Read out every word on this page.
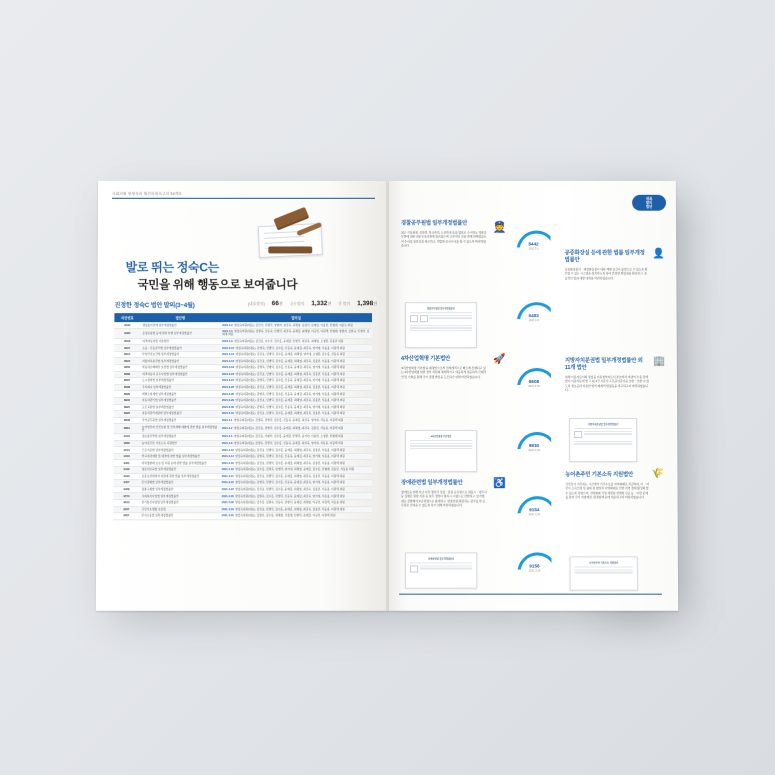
국회의원 양정숙의 월간의정보고서 54개호
발로 뛰는 정숙C는
국민을 위해 행동으로 보여줍니다
진정한 정숙C 법안 발의(3~4월)	[대표발의] 66건 공동발의 1,332건 총 발의 1,398건
의안번호	법안명	발의일
8442	생필용이전에 일부개정법률안	2021.3.2  양정숙의원(대표), 김민기, 민병덕, 양향자, 최강욱, 최혜영, 홍정민, 문제일, 이용빈, 민형배, 이용우 의원
8483	공정유통업 등에 관한 특별 일부개정법률안	2021.3.5  양정숙의원(대표), 김병욱, 신동욱, 민병덕, 최강욱, 윤재갑, 최혜영, 이규민, 이원택, 민형배, 양향자, 김한규, 민병덕, 김회재 의원
8518	여객자동차법 기본법안	2021.3.9  양정숙의원(대표), 김진표, 이수진, 김수흥, 윤재갑, 민병덕, 최강욱, 최혜영, 오영환, 김용민 의원
8607	소음ㆍ진동관리법 일부개정법률안	2021.3.15  양정숙의원(대표), 김병욱, 민병덕, 김수흥, 신동욱, 윤재갑, 최강욱, 양기대, 서동용, 이원택 의원
8613	산업안전보건법 일부개정법률안	2021.3.16  양정숙의원(대표), 김진표, 민병덕, 김수흥, 윤재갑, 최혜영, 양기대, 오영환, 김수흥, 신동욱 의원
8623	지방자치분권법 일부개정법률안	2021.3.16  양정숙의원(대표), 김진표, 민병덕, 김수흥, 윤재갑, 최혜영, 최강욱, 김용민, 서동용, 이원택 의원
8650	자동차손해배상 보장법 일부개정법률안	2021.3.18  양정숙의원(대표), 김병욱, 민병덕, 김수흥, 신동욱, 윤재갑, 최강욱, 양기대, 서동용, 이원택 의원
8688	여객자동차 운수사업법 일부개정법률안	2021.3.23  양정숙의원(대표), 김진표, 민병덕, 김수흥, 윤재갑, 최혜영, 최강욱, 김용민, 서동용, 이원택 의원
8697	도시정비법 일부개정법률안	2021.3.24  양정숙의원(대표), 김병욱, 민병덕, 김수흥, 신동욱, 윤재갑, 최강욱, 양기대, 서동용, 이원택 의원
8698	주식회사 일부개정법률안	2021.3.26  양정숙의원(대표), 김진표, 민병덕, 김수흥, 윤재갑, 최혜영, 최강욱, 김용민, 서동용, 이원택 의원
8699	개별소비세법 일부개정법률안	2021.3.26  양정숙의원(대표), 김병욱, 민병덕, 김수흥, 신동욱, 윤재갑, 최강욱, 양기대, 서동용, 이원택 의원
8900	자동차관리법 일부개정법률안	2021.3.29  양정숙의원(대표), 김진표, 민병덕, 김수흥, 윤재갑, 최혜영, 최강욱, 김용민, 서동용, 이원택 의원
8920	도로교통법 일부개정법률안	2021.3.30  양정숙의원(대표), 김병욱, 민병덕, 김수흥, 신동욱, 윤재갑, 최강욱, 양기대, 서동용, 이원택 의원
8926	자동차관리에관한 일부개정법률안	2021.3.31  양정숙의원(대표), 김진표, 민병덕, 김수흥, 윤재갑, 최혜영, 최강욱, 김용민, 서동용, 이원택 의원
8948	국가공무원법 일부개정법률안	2021.4.1  양정숙의원(대표), 김병욱, 민병덕, 김수흥, 신동욱, 윤재갑, 최강욱, 양기대, 서동용, 이원택 의원
8964	농어업인의 안전보험 및 안전재해 예방에 관한 법률 일부개정법률안	2021.4.2  양정숙의원(대표), 김진표, 민병덕, 김수흥, 윤재갑, 최혜영, 최강욱, 김용민, 서동용, 이원택 의원
9104	정보통신망법 일부개정법률안	2021.4.6  양정숙의원(대표), 김진표, 이형석, 김수흥, 윤재갑, 민병덕, 송기헌, 이용빈, 오영환, 민형배 의원
9080	농어촌주민 기본소득 지원법안	2021.4.8  양정숙의원(대표), 김병욱, 민병덕, 김수흥, 신동욱, 윤재갑, 최강욱, 양기대, 서동용, 이원택 의원
9174	근로기준법 일부개정법률안	2021.4.12  양정숙의원(대표), 김진표, 민병덕, 김수흥, 윤재갑, 최혜영, 최강욱, 김용민, 서동용, 이원택 의원
9316	학교폭력예방 및 대책에 관한 법률 일부개정법률안	2021.4.14  양정숙의원(대표), 김병욱, 민병덕, 김수흥, 신동욱, 윤재갑, 최강욱, 양기대, 서동용, 이원택 의원
9401	자치경찰제 보유 및 지원 등에 관한 법률 일부개정법률안	2021.4.16  양정숙의원(대표), 김진표, 민병덕, 김수흥, 윤재갑, 최혜영, 최강욱, 김용민, 서동용, 이원택 의원
9442	영유아보육법 일부개정법률안	2021.4.19  양정숙의원(대표), 김수흥, 김병욱, 민병덕, 양기대, 최혜영, 윤재갑, 김수흥, 민형배, 김용민, 서동용 의원
9443	보훈보상대상자 지원에 관한 법률 일부개정법률안	2021.4.21  양정숙의원(대표), 김진표, 민병덕, 김수흥, 윤재갑, 최혜영, 최강욱, 김용민, 서동용, 이원택 의원
9457	민사집행법 일부개정법률안	2021.4.22  양정숙의원(대표), 김병욱, 민병덕, 김수흥, 신동욱, 윤재갑, 최강욱, 양기대, 서동용, 이원택 의원
9458	정종구제법 일부개정법률안	2021.4.23  양정숙의원(대표), 김진표, 민병덕, 김수흥, 윤재갑, 최혜영, 최강욱, 김용민, 서동용, 이원택 의원
9570	사회복지사업법 일부개정법률안	2021.4.26  양정숙의원(대표), 김병욱, 김수흥, 민병덕, 신동욱, 윤재갑, 최강욱, 양기대, 서동용, 이원택 의원
9613	전기통신사업법 일부개정법률안	2021.4.28  양정숙의원(대표), 김수흥, 김병욱, 신동욱, 민병덕, 윤재갑, 최혜영, 이규민, 이원택, 서동용 의원
9627	국민기초생활 보장법	2021.4.29  양정숙의원(대표), 김진표, 민병덕, 김수흥, 윤재갑, 최혜영, 최강욱, 김용민, 서동용, 이원택 의원
9657	민사소송법 일부개정법률안	2021.4.30  양정숙의원(대표), 김병욱, 김수흥, 최혜영, 성정래, 민병덕, 윤재갑, 이규민, 이원택 의원
대표
발의
법안
경찰공무원법 일부개정법률안
최근 기동화재, 성폭력, 학교폭력, 노인학대 등의 범죄로 수사하는 경찰공무원에 대한 전문교육지원에 힘쓰겠으며 근본적인 건을 위해 위해법의로서 수사의 전문성을 제고하고, 적법한 조사수사를 할 수 있도록 마련하였습니다.
👮
경찰공무원법 일부개정법률안
4차산업혁명 기본법안
'4차산업혁명 기본법'을 제정함으로써 전세계적으로 빠르게 진행되고 있는 4차산업혁명 대한 정부 차원의 체계적이고 대응되게 대응하여 국제적인 및 기회를 통해 국가 경쟁 발전을 도모하기 위해 마련하였습니다.
🚀
4차산업혁명 기본법안
장애관련법 일부개정법률안
장애인을 위해 지난 이상 경력직 성장ㆍ검정 공무원으로 채용시ㆍ법무사 등 집행은 권한 서류 등 실무 경력이 충족시 시험으로 선발하고, 임기별 새로 선발해서 2년 면접으로 확대하고, 면접위원 확장하는 평가를 한 공무원은 인력을 수 없도록 하기 위해 마련하였습니다.
♿
장애관련법 일부개정법률안
8442
2021.3.2
6483
2021.3.3
8608
2021.3.16
8930
2021.3.16
9154
2021.3.25
9156
2021.3.26
공중화장실 등에 관한 법률 일부개정법률안
공중화장실이ㆍ제정화장실이 대한 계별 공간이 불법으로 수 있도록 확인할 수 있는 시스템을 설치하도록 하여 안전한 화장실을 확보하고, 효율적인 범죄 예방 대책을 마련하였습니다.
👤
지방자치분권법 일부개정법률안 외 11개 법안
현행 이용자료서의 명칭을 이용청약자로서 본호에서 바뀌어 수용 관계없이 이용자등에 할 그 외 4건 기준이 프로증이같이을 보완ㆍ보완 수 있도록 정보공과 지원한 법적 제계적 법령등을 개고하고자 마련하였습니다.
🏢
지방자치분권법 일부개정법률안
농어촌주민 기본소득 지원법안
국민들이 거주하는 시군에서 거주수요를 지역화폐로 지급하여, 이 ㆍ어민이 소득안정 및 삶의 질 향상과 지역화폐로 인한 지역 경제 활성화 할 수 있도록 하였으며, 지역화폐 직접 재정의 연계와 신규 등ㆍ이런 문제를 통한 국가 지방재정, 환경침해 등에 대응하고자 마련하였습니다.
🌾
농어촌주민 기본소득 지원법안
